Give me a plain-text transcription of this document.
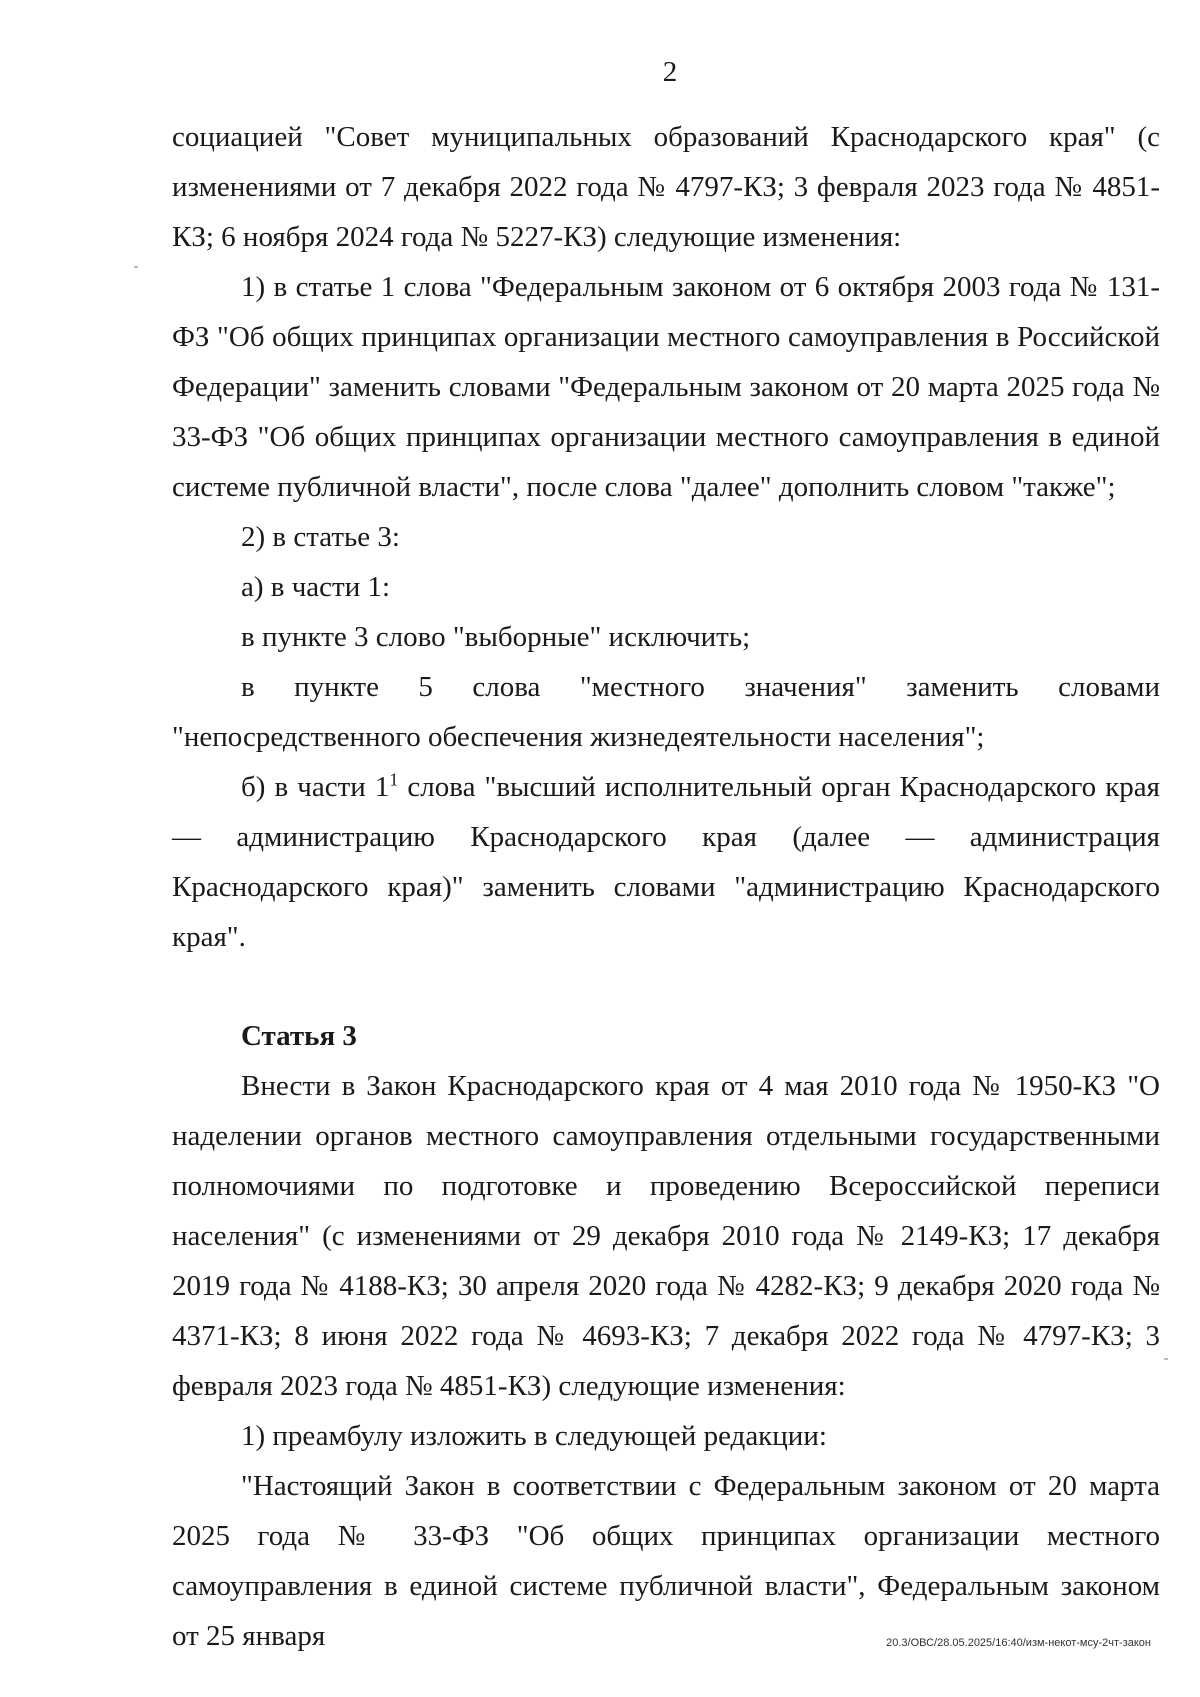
2

социацией "Совет муниципальных образований Краснодарского края" (с изменениями от 7 декабря 2022 года № 4797-КЗ; 3 февраля 2023 года № 4851-КЗ; 6 ноября 2024 года № 5227-КЗ) следующие изменения:

1) в статье 1 слова "Федеральным законом от 6 октября 2003 года № 131-ФЗ "Об общих принципах организации местного самоуправления в Российской Федерации" заменить словами "Федеральным законом от 20 марта 2025 года № 33-ФЗ "Об общих принципах организации местного самоуправления в единой системе публичной власти", после слова "далее" дополнить словом "также";

2) в статье 3:

а) в части 1:

в пункте 3 слово "выборные" исключить;

в пункте 5 слова "местного значения" заменить словами "непосредственного обеспечения жизнедеятельности населения";

б) в части $1^1$ слова "высший исполнительный орган Краснодарского края — администрацию Краснодарского края (далее — администрация Краснодарского края)" заменить словами "администрацию Краснодарского края".

Статья 3

Внести в Закон Краснодарского края от 4 мая 2010 года № 1950-КЗ "О наделении органов местного самоуправления отдельными государственными полномочиями по подготовке и проведению Всероссийской переписи населения" (с изменениями от 29 декабря 2010 года № 2149-КЗ; 17 декабря 2019 года № 4188-КЗ; 30 апреля 2020 года № 4282-КЗ; 9 декабря 2020 года № 4371-КЗ; 8 июня 2022 года № 4693-КЗ; 7 декабря 2022 года № 4797-КЗ; 3 февраля 2023 года № 4851-КЗ) следующие изменения:

1) преамбулу изложить в следующей редакции:

"Настоящий Закон в соответствии с Федеральным законом от 20 марта 2025 года № 33-ФЗ "Об общих принципах организации местного самоуправления в единой системе публичной власти", Федеральным законом от 25 января	20.3/ОВС/28.05.2025/16:40/изм-некот-мсу-2чт-закон
